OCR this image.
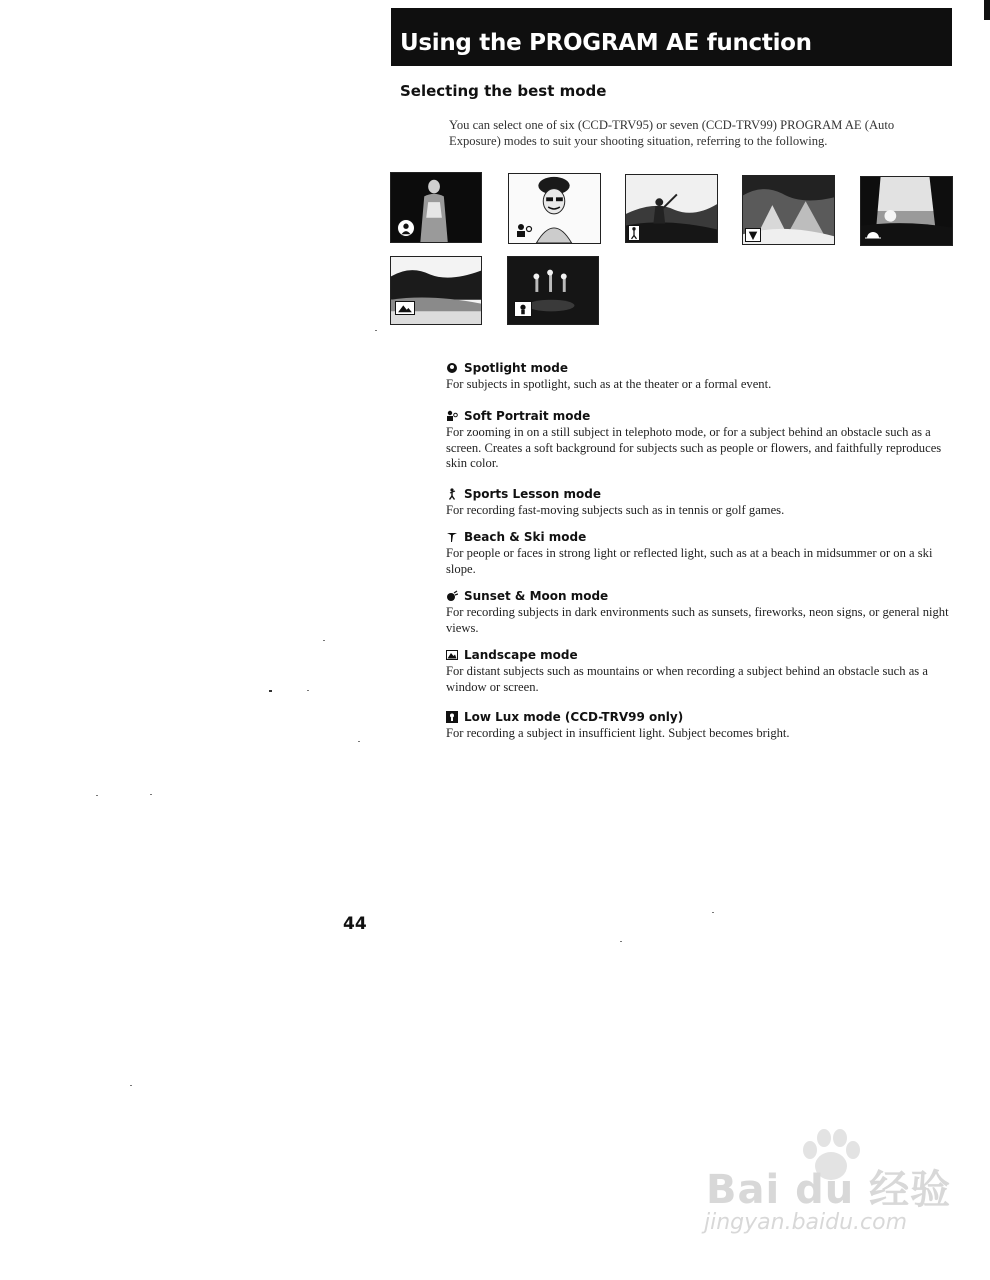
Using the PROGRAM AE function
Selecting the best mode
You can select one of six (CCD-TRV95) or seven (CCD-TRV99) PROGRAM AE (Auto Exposure) modes to suit your shooting situation, referring to the following.
Spotlight mode
For subjects in spotlight, such as at the theater or a formal event.
Soft Portrait mode
For zooming in on a still subject in telephoto mode, or for a subject behind an obstacle such as a screen. Creates a soft background for subjects such as people or flowers, and faithfully reproduces skin color.
Sports Lesson mode
For recording fast-moving subjects such as in tennis or golf games.
Beach & Ski mode
For people or faces in strong light or reflected light, such as at a beach in midsummer or on a ski slope.
Sunset & Moon mode
For recording subjects in dark environments such as sunsets, fireworks, neon signs, or general night views.
Landscape mode
For distant subjects such as mountains or when recording a subject behind an obstacle such as a window or screen.
Low Lux mode (CCD-TRV99 only)
For recording a subject in insufficient light. Subject becomes bright.
44
Bai du 经验
jingyan.baidu.com
